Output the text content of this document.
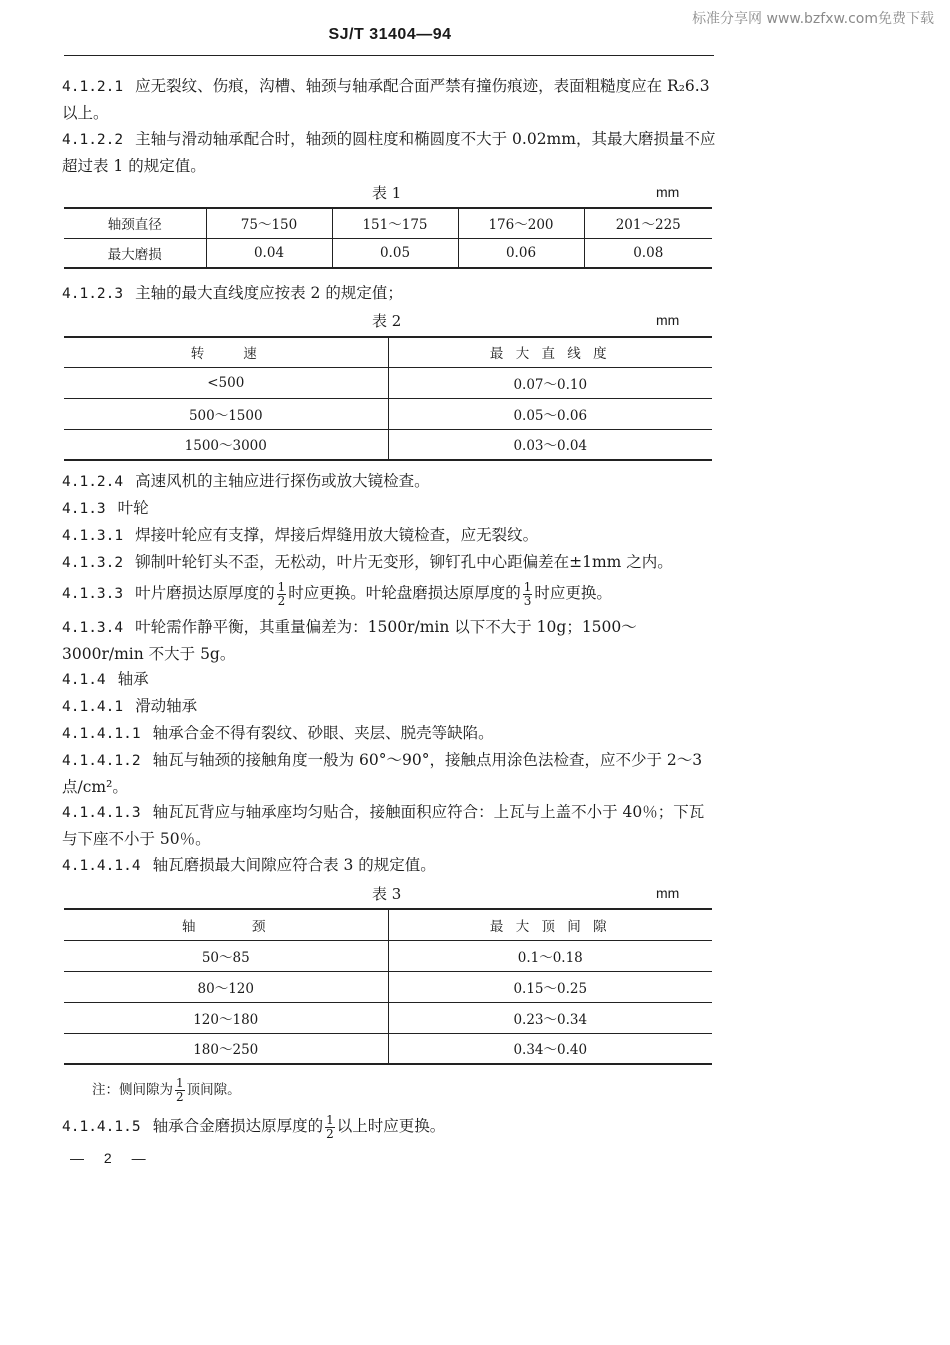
标准分享网 www.bzfxw.com免费下载
SJ/T 31404—94
4.1.2.1 应无裂纹、伤痕，沟槽、轴颈与轴承配合面严禁有撞伤痕迹，表面粗糙度应在 R₂6.3 以上。
4.1.2.2 主轴与滑动轴承配合时，轴颈的圆柱度和椭圆度不大于 0.02mm，其最大磨损量不应超过表 1 的规定值。
表 1	mm
轴颈直径	75～150	151～175	176～200	201～225
最大磨损	0.04	0.05	0.06	0.08
4.1.2.3 主轴的最大直线度应按表 2 的规定值；
表 2	mm
转　　速	最 大 直 线 度
<500	0.07～0.10
500～1500	0.05～0.06
1500～3000	0.03～0.04
4.1.2.4 高速风机的主轴应进行探伤或放大镜检查。
4.1.3 叶轮
4.1.3.1 焊接叶轮应有支撑，焊接后焊缝用放大镜检查，应无裂纹。
4.1.3.2 铆制叶轮钉头不歪，无松动，叶片无变形，铆钉孔中心距偏差在±1mm 之内。
4.1.3.3 叶片磨损达原厚度的 $\frac{1}{2}$ 时应更换。叶轮盘磨损达原厚度的 $\frac{1}{3}$ 时应更换。
4.1.3.4 叶轮需作静平衡，其重量偏差为：1500r/min 以下不大于 10g；1500～3000r/min 不大于 5g。
4.1.4 轴承
4.1.4.1 滑动轴承
4.1.4.1.1 轴承合金不得有裂纹、砂眼、夹层、脱壳等缺陷。
4.1.4.1.2 轴瓦与轴颈的接触角度一般为 60°～90°，接触点用涂色法检查，应不少于 2～3 点/cm²。
4.1.4.1.3 轴瓦瓦背应与轴承座均匀贴合，接触面积应符合：上瓦与上盖不小于 40％；下瓦与下座不小于 50％。
4.1.4.1.4 轴瓦磨损最大间隙应符合表 3 的规定值。
表 3	mm
轴　　　颈	最 大 顶 间 隙
50～85	0.1～0.18
80～120	0.15～0.25
120～180	0.23～0.34
180～250	0.34～0.40
注：侧间隙为 $\frac{1}{2}$ 顶间隙。
4.1.4.1.5 轴承合金磨损达原厚度的 $\frac{1}{2}$ 以上时应更换。
— 2 —
